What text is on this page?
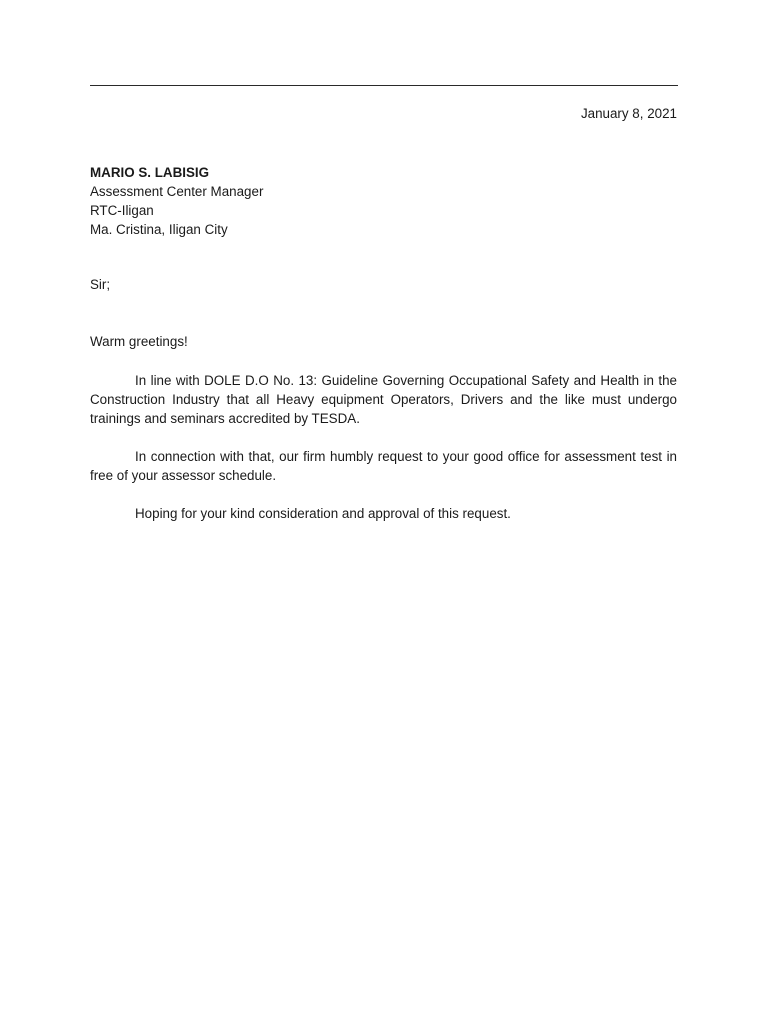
January 8, 2021
MARIO S. LABISIG
Assessment Center Manager
RTC-Iligan
Ma. Cristina, Iligan City
Sir;
Warm greetings!

In line with DOLE D.O No. 13: Guideline Governing Occupational Safety and Health in the Construction Industry that all Heavy equipment Operators, Drivers and the like must undergo trainings and seminars accredited by TESDA.

In connection with that, our firm humbly request to your good office for assessment test in free of your assessor schedule.

Hoping for your kind consideration and approval of this request.
